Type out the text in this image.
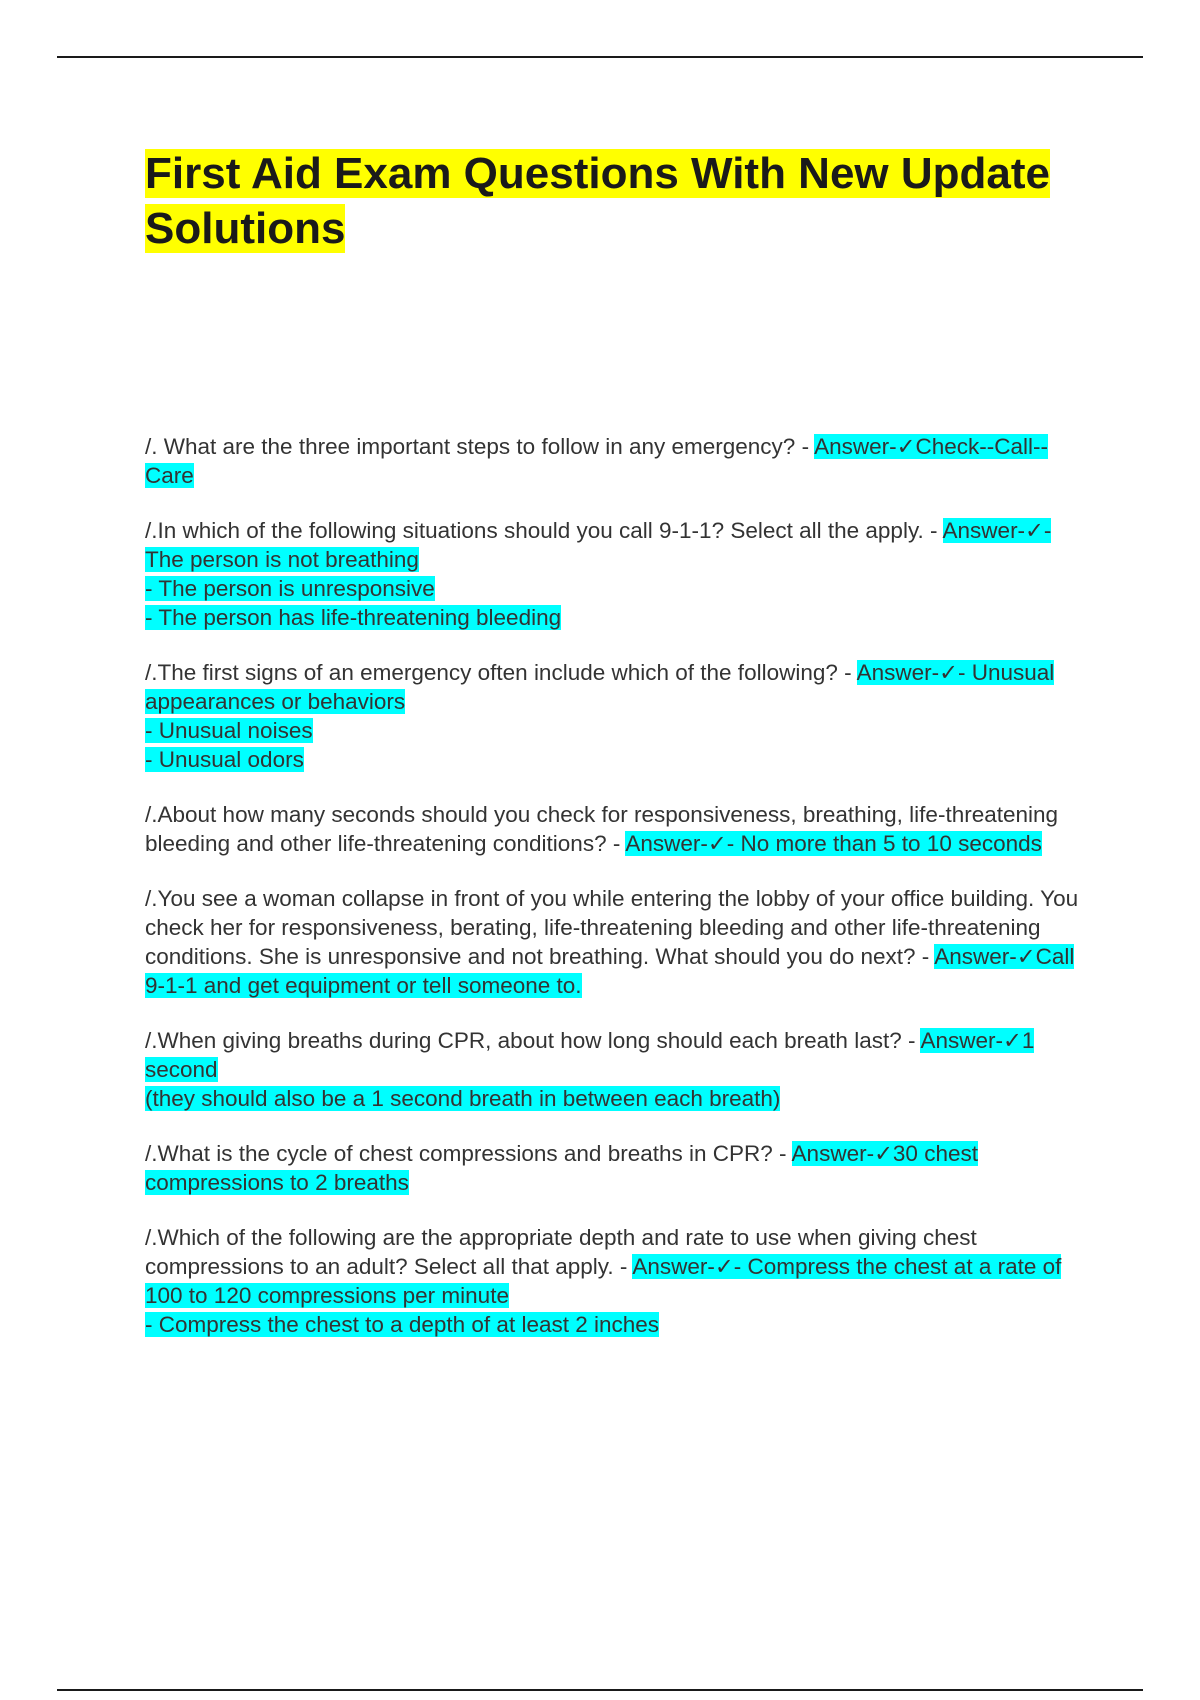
First Aid Exam Questions With New Update Solutions

/. What are the three important steps to follow in any emergency? - Answer-✓Check--Call--Care

/.In which of the following situations should you call 9-1-1? Select all the apply. - Answer-✓- The person is not breathing
- The person is unresponsive
- The person has life-threatening bleeding

/.The first signs of an emergency often include which of the following? - Answer-✓- Unusual appearances or behaviors
- Unusual noises
- Unusual odors

/.About how many seconds should you check for responsiveness, breathing, life-threatening bleeding and other life-threatening conditions? - Answer-✓- No more than 5 to 10 seconds

/.You see a woman collapse in front of you while entering the lobby of your office building. You check her for responsiveness, berating, life-threatening bleeding and other life-threatening conditions. She is unresponsive and not breathing. What should you do next? - Answer-✓Call 9-1-1 and get equipment or tell someone to.

/.When giving breaths during CPR, about how long should each breath last? - Answer-✓1 second
(they should also be a 1 second breath in between each breath)

/.What is the cycle of chest compressions and breaths in CPR? - Answer-✓30 chest compressions to 2 breaths

/.Which of the following are the appropriate depth and rate to use when giving chest compressions to an adult? Select all that apply. - Answer-✓- Compress the chest at a rate of 100 to 120 compressions per minute
- Compress the chest to a depth of at least 2 inches
